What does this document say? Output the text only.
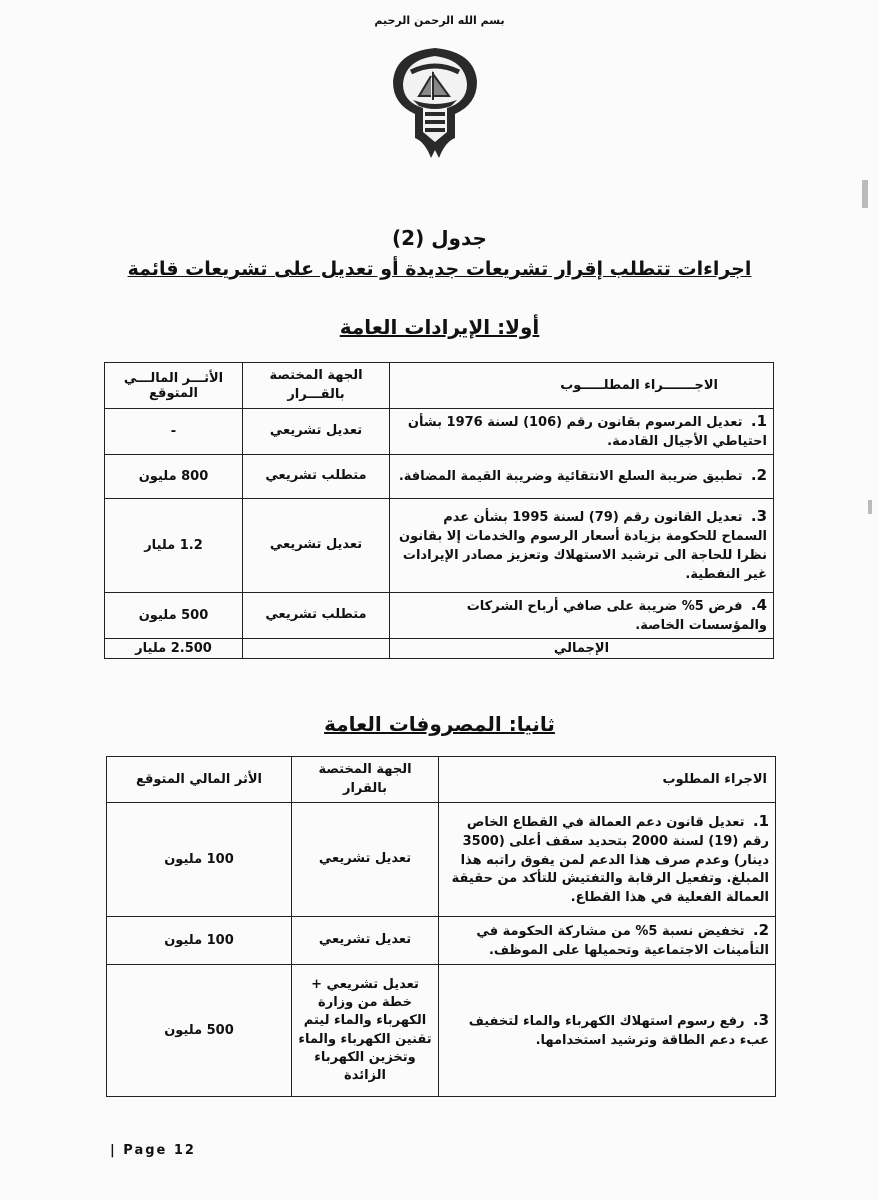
بسم الله الرحمن الرحيم
جدول (2)
اجراءات تتطلب إقرار تشريعات جديدة أو تعديل على تشريعات قائمة
أولا: الإيرادات العامة
الاجـــــــراء المطلـــــوب	الجهة المختصة بالقـــرار	الأثـــر المالـــي المتوقع
1. تعديل المرسوم بقانون رقم (106) لسنة 1976 بشأن احتياطي الأجيال القادمة.	تعديل تشريعي	-
2. تطبيق ضريبة السلع الانتقائية وضريبة القيمة المضافة.	متطلب تشريعي	800 مليون
3. تعديل القانون رقم (79) لسنة 1995 بشأن عدم السماح للحكومة بزيادة أسعار الرسوم والخدمات إلا بقانون نظرا للحاجة الى ترشيد الاستهلاك وتعزيز مصادر الإيرادات غير النفطية.	تعديل تشريعي	1.2 مليار
4. فرض 5% ضريبة على صافي أرباح الشركات والمؤسسات الخاصة.	متطلب تشريعي	500 مليون
الإجمالي		2.500 مليار
ثانيا: المصروفات العامة
الاجراء المطلوب	الجهة المختصة بالقرار	الأثر المالي المتوقع
1. تعديل قانون دعم العمالة في القطاع الخاص رقم (19) لسنة 2000 بتحديد سقف أعلى (3500 دينار) وعدم صرف هذا الدعم لمن يفوق راتبه هذا المبلغ. وتفعيل الرقابة والتفتيش للتأكد من حقيقة العمالة الفعلية في هذا القطاع.	تعديل تشريعي	100 مليون
2. تخفيض نسبة 5% من مشاركة الحكومة في التأمينات الاجتماعية وتحميلها على الموظف.	تعديل تشريعي	100 مليون
3. رفع رسوم استهلاك الكهرباء والماء لتخفيف عبء دعم الطاقة وترشيد استخدامها.	تعديل تشريعي + خطة من وزارة الكهرباء والماء ليتم تقنين الكهرباء والماء وتخزين الكهرباء الزائدة	500 مليون
| Page 12
